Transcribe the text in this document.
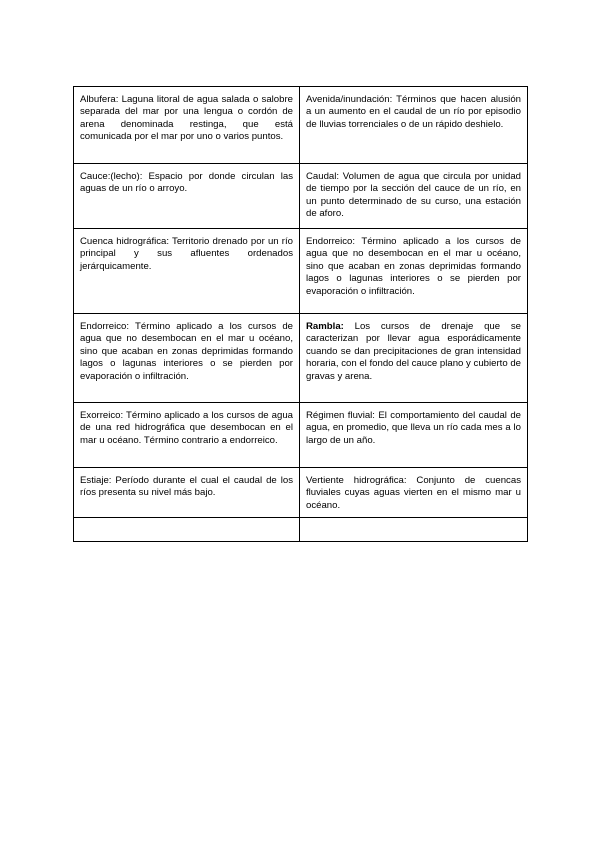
Albufera: Laguna litoral de agua salada o salobre separada del mar por una lengua o cordón de arena denominada restinga, que está comunicada por el mar por uno o varios puntos.	Avenida/inundación: Términos que hacen alusión a un aumento en el caudal de un río por episodio de lluvias torrenciales o de un rápido deshielo.
Cauce:(lecho): Espacio por donde circulan las aguas de un río o arroyo.	Caudal: Volumen de agua que circula por unidad de tiempo por la sección del cauce de un río, en un punto determinado de su curso, una estación de aforo.
Cuenca hidrográfica: Territorio drenado por un río principal y sus afluentes ordenados jerárquicamente.	Endorreico: Término aplicado a los cursos de agua que no desembocan en el mar u océano, sino que acaban en zonas deprimidas formando lagos o lagunas interiores o se pierden por evaporación o infiltración.
Endorreico: Término aplicado a los cursos de agua que no desembocan en el mar u océano, sino que acaban en zonas deprimidas formando lagos o lagunas interiores o se pierden por evaporación o infiltración.	Rambla: Los cursos de drenaje que se caracterizan por llevar agua esporádicamente cuando se dan precipitaciones de gran intensidad horaria, con el fondo del cauce plano y cubierto de gravas y arena.
Exorreico: Término aplicado a los cursos de agua de una red hidrográfica que desembocan en el mar u océano. Término contrario a endorreico.	Régimen fluvial: El comportamiento del caudal de agua, en promedio, que lleva un río cada mes a lo largo de un año.
Estiaje: Período durante el cual el caudal de los ríos presenta su nivel más bajo.	Vertiente hidrográfica: Conjunto de cuencas fluviales cuyas aguas vierten en el mismo mar u océano.
